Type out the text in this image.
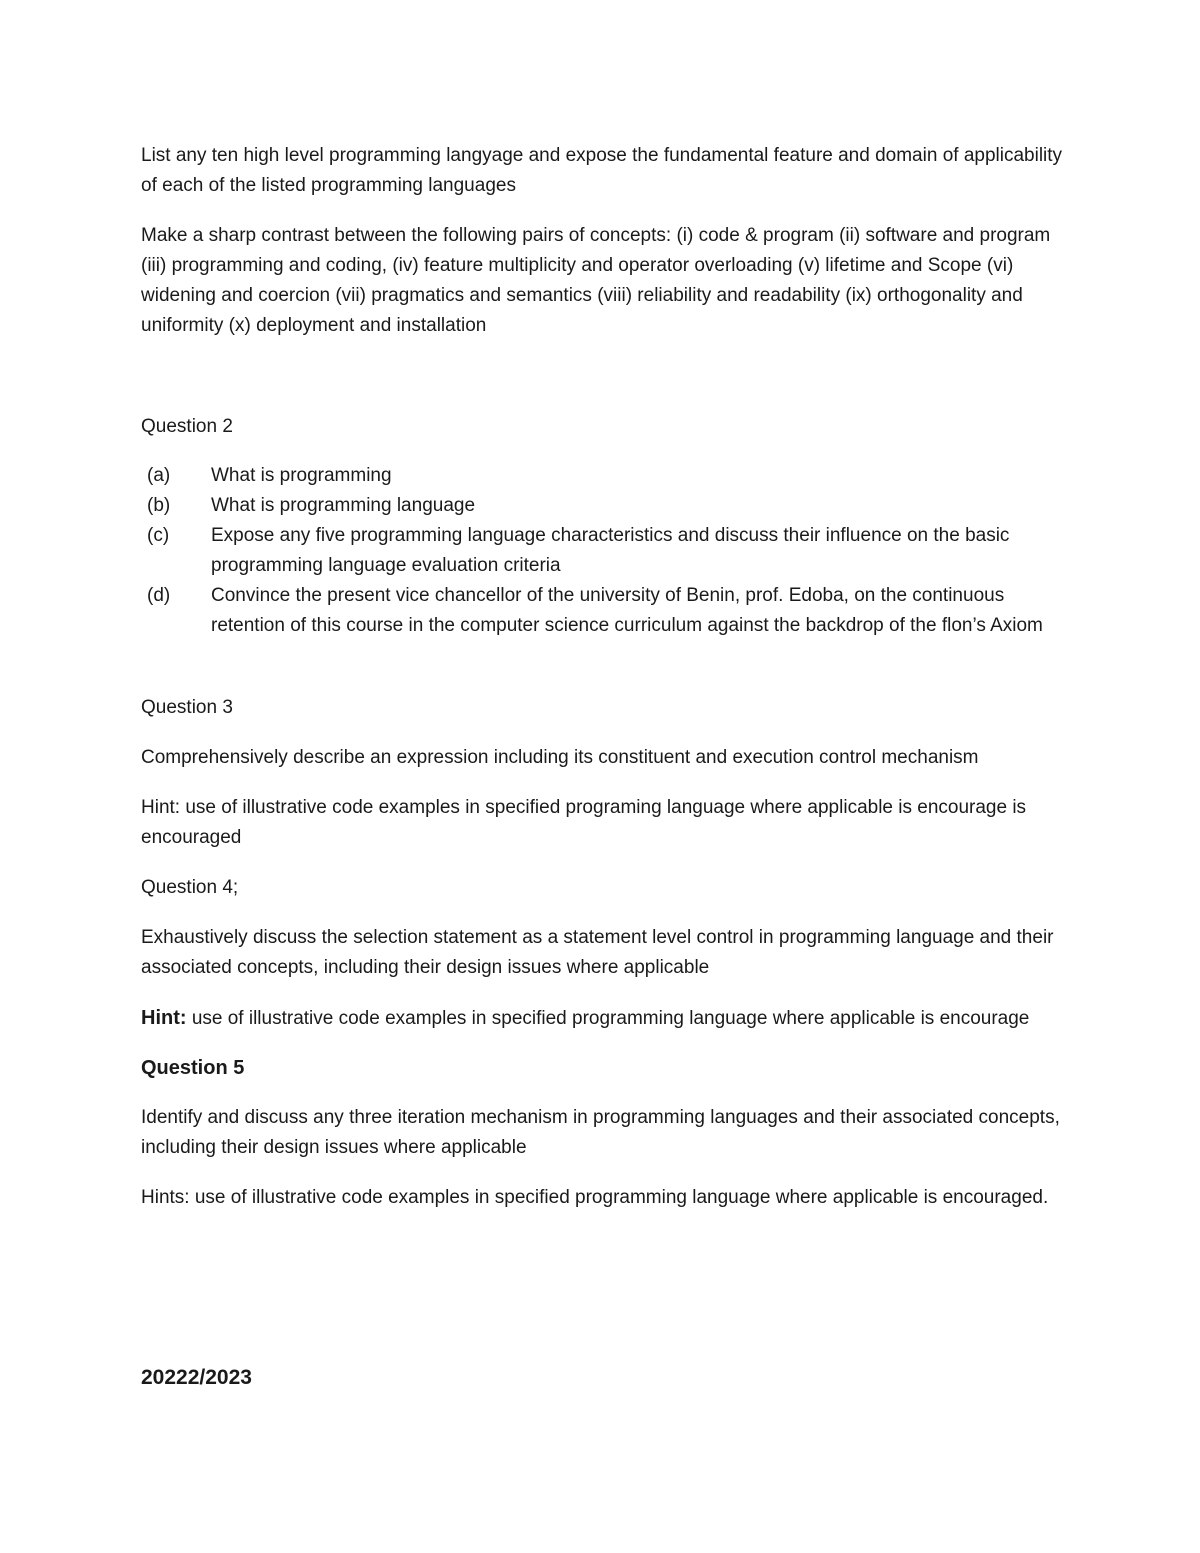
List any ten high level programming langyage and expose the fundamental feature and domain of applicability of each of the listed programming languages

Make a sharp contrast between the following pairs of concepts: (i) code & program (ii) software and program (iii) programming and coding, (iv) feature multiplicity and operator overloading (v) lifetime and Scope (vi) widening and coercion (vii) pragmatics and semantics (viii) reliability and readability (ix) orthogonality and uniformity (x) deployment and installation

Question 2

(a)	What is programming
(b)	What is programming language
(c)	Expose any five programming language characteristics and discuss their influence on the basic programming language evaluation criteria
(d)	Convince the present vice chancellor of the university of Benin, prof. Edoba, on the continuous retention of this course in the computer science curriculum against the backdrop of the flon’s Axiom

Question 3

Comprehensively describe an expression including its constituent and execution control mechanism

Hint: use of illustrative code examples in specified programing language where applicable is encourage is encouraged

Question 4;

Exhaustively discuss the selection statement as a statement level control in programming language and their associated concepts, including their design issues where applicable

Hint: use of illustrative code examples in specified programming language where applicable is encourage

Question 5

Identify and discuss any three iteration mechanism in programming languages and their associated concepts, including their design issues where applicable

Hints: use of illustrative code examples in specified programming language where applicable is encouraged.

20222/2023
